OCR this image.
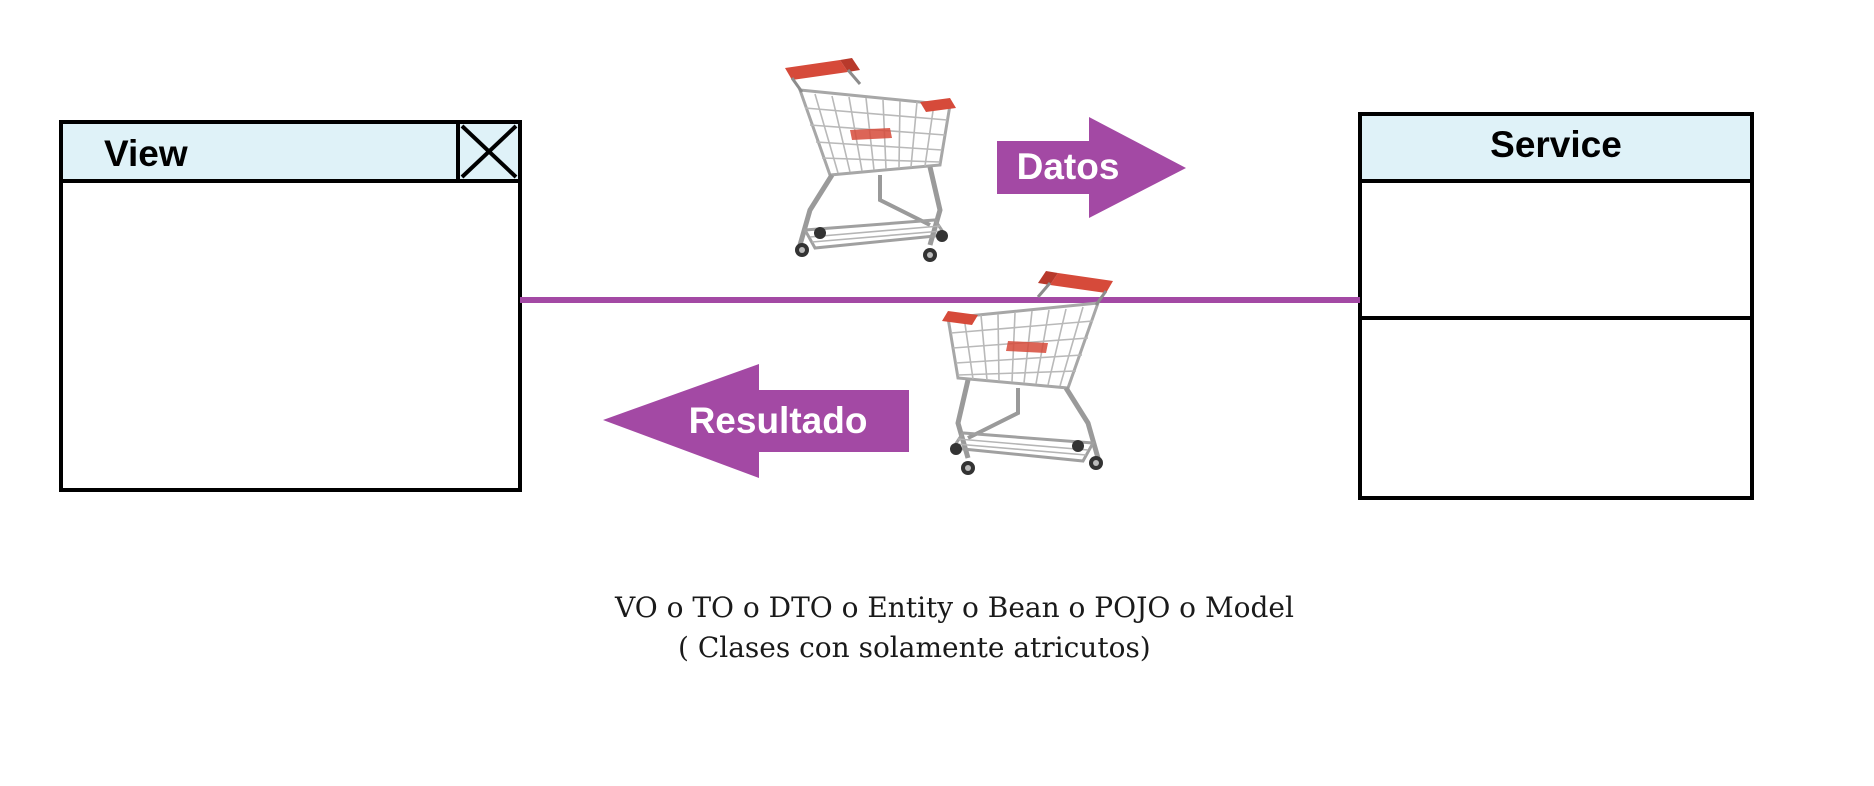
View	Service
Datos
Resultado
VO o TO o DTO o Entity o Bean o POJO o Model
( Clases con solamente atricutos)
